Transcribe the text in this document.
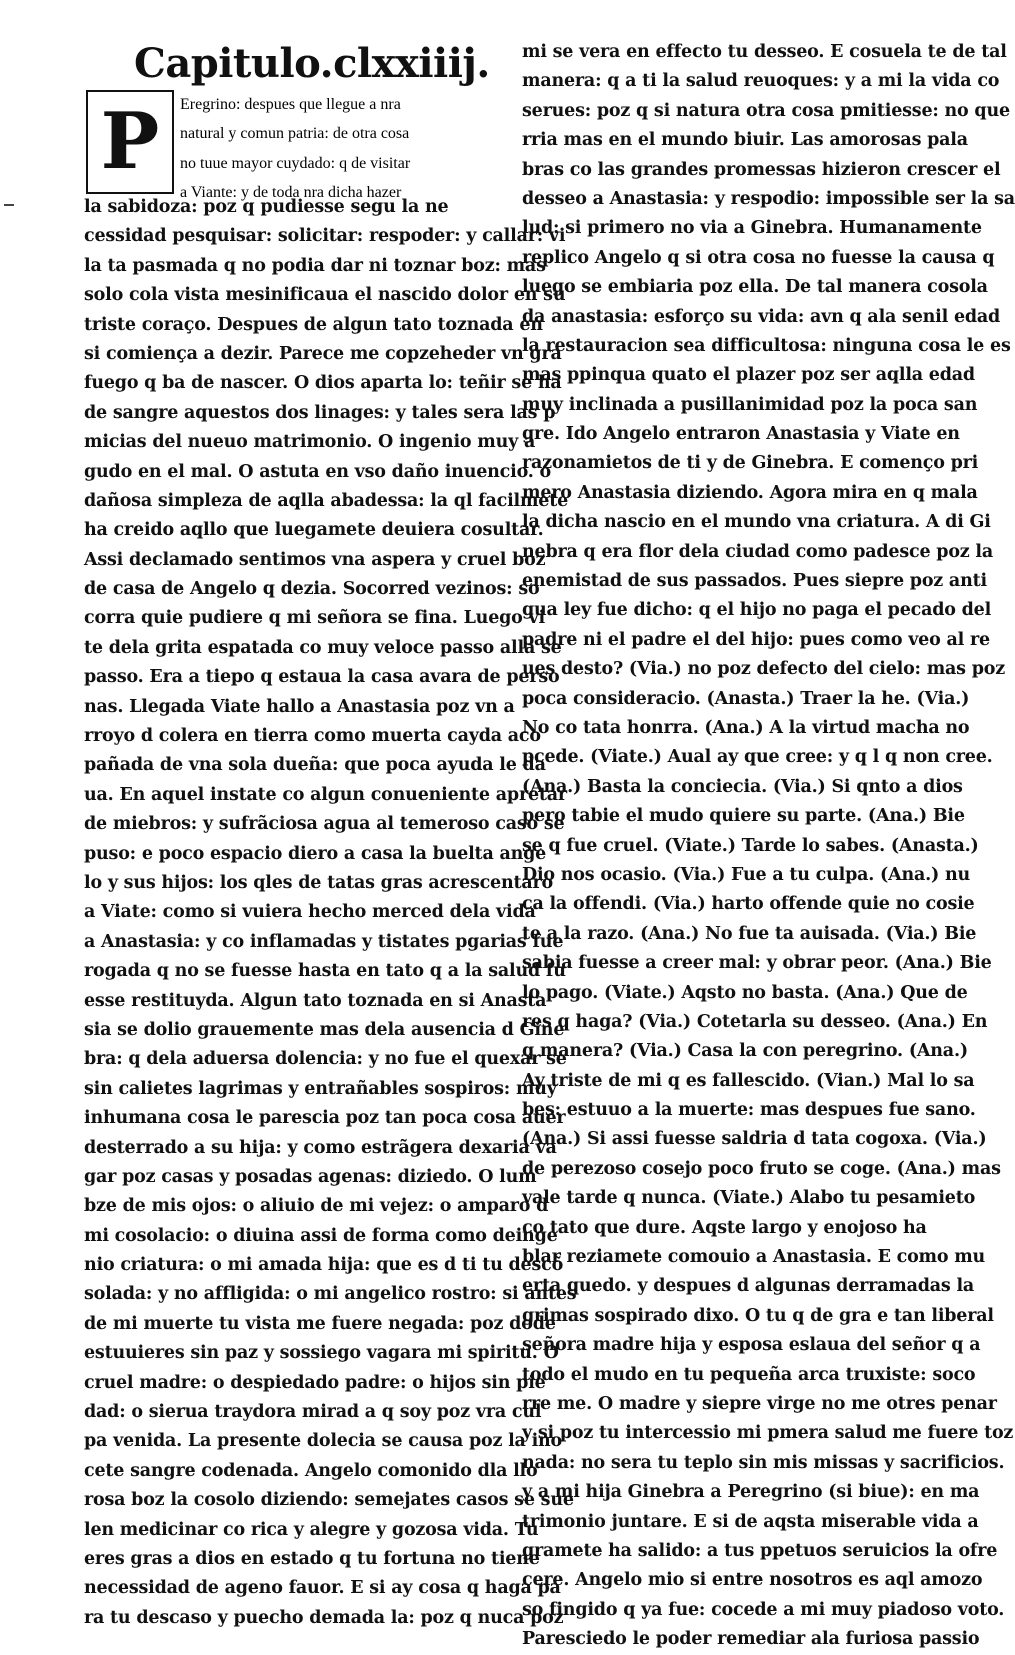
Capitulo.clxxiiij.
P	Eregrino: despues que llegue a nra
natural y comun patria: de otra cosa
no tuue mayor cuydado: q de visitar
a Viante: y de toda nra dicha hazer
la sabidoza: poz q pudiesse segu la ne
cessidad pesquisar: solicitar: respoder: y callar: vi
la ta pasmada q no podia dar ni toznar boz: mas
solo cola vista mesinificaua el nascido dolor en su
triste coraço. Despues de algun tato toznada en
si comiença a dezir. Parece me copzeheder vn gra
fuego q ba de nascer. O dios aparta lo: teñir se ha
de sangre aquestos dos linages: y tales sera las p
micias del nueuo matrimonio. O ingenio muy a
gudo en el mal. O astuta en vso daño inuencio. o
dañosa simpleza de aqlla abadessa: la ql facilmete
ha creido aqllo que luegamete deuiera cosultar.
Assi declamado sentimos vna aspera y cruel boz
de casa de Angelo q dezia. Socorred vezinos: so
corra quie pudiere q mi señora se fina. Luego vi
te dela grita espatada co muy veloce passo alla se
passo. Era a tiepo q estaua la casa avara de perso
nas. Llegada Viate hallo a Anastasia poz vn a
rroyo d colera en tierra como muerta cayda aco
pañada de vna sola dueña: que poca ayuda le da
ua. En aquel instate co algun conueniente apretar
de miebros: y sufrãciosa agua al temeroso caso se
puso: e poco espacio diero a casa la buelta ange
lo y sus hijos: los qles de tatas gras acrescentaro
a Viate: como si vuiera hecho merced dela vida
a Anastasia: y co inflamadas y tistates pgarias fue
rogada q no se fuesse hasta en tato q a la salud fu
esse restituyda. Algun tato toznada en si Anasta
sia se dolio grauemente mas dela ausencia d Gine
bra: q dela aduersa dolencia: y no fue el quexar se
sin calietes lagrimas y entrañables sospiros: muy
inhumana cosa le parescia poz tan poca cosa auer
desterrado a su hija: y como estrãgera dexaria va
gar poz casas y posadas agenas: diziedo. O lum
bze de mis ojos: o aliuio de mi vejez: o amparo d
mi cosolacio: o diuina assi de forma como deinge
nio criatura: o mi amada hija: que es d ti tu descõ
solada: y no affligida: o mi angelico rostro: si antes
de mi muerte tu vista me fuere negada: poz dode
estuuieres sin paz y sossiego vagara mi spiritu. O
cruel madre: o despiedado padre: o hijos sin pie
dad: o sierua traydora mirad a q soy poz vra cul
pa venida. La presente dolecia se causa poz la ino
cete sangre codenada. Angelo comonido dla llo
rosa boz la cosolo diziendo: semejates casos se sue
len medicinar co rica y alegre y gozosa vida. Tu
eres gras a dios en estado q tu fortuna no tiene
necessidad de ageno fauor. E si ay cosa q haga pa
ra tu descaso y puecho demada la: poz q nuca poz
mi se vera en effecto tu desseo. E cosuela te de tal
manera: q a ti la salud reuoques: y a mi la vida co
serues: poz q si natura otra cosa pmitiesse: no que
rria mas en el mundo biuir. Las amorosas pala
bras co las grandes promessas hizieron crescer el
desseo a Anastasia: y respodio: impossible ser la sa
lud: si primero no via a Ginebra. Humanamente
replico Angelo q si otra cosa no fuesse la causa q
luego se embiaria poz ella. De tal manera cosola
da anastasia: esforço su vida: avn q ala senil edad
la restauracion sea difficultosa: ninguna cosa le es
mas ppinqua quato el plazer poz ser aqlla edad
muy inclinada a pusillanimidad poz la poca san
gre. Ido Angelo entraron Anastasia y Viate en
razonamietos de ti y de Ginebra. E començo pri
mero Anastasia diziendo. Agora mira en q mala
la dicha nascio en el mundo vna criatura. A di Gi
nebra q era flor dela ciudad como padesce poz la
enemistad de sus passados. Pues siepre poz anti
gua ley fue dicho: q el hijo no paga el pecado del
padre ni el padre el del hijo: pues como veo al re
ues desto? (Via.) no poz defecto del cielo: mas poz
poca consideracio. (Anasta.) Traer la he. (Via.)
No co tata honrra. (Ana.) A la virtud macha no
pcede. (Viate.) Aual ay que cree: y q l q non cree.
(Ana.) Basta la conciecia. (Via.) Si qnto a dios
pero tabie el mudo quiere su parte. (Ana.) Bie
se q fue cruel. (Viate.) Tarde lo sabes. (Anasta.)
Dio nos ocasio. (Via.) Fue a tu culpa. (Ana.) nu
ca la offendi. (Via.) harto offende quie no cosie
te a la razo. (Ana.) No fue ta auisada. (Via.) Bie
sabia fuesse a creer mal: y obrar peor. (Ana.) Bie
lo pago. (Viate.) Aqsto no basta. (Ana.) Que de
res q haga? (Via.) Cotetarla su desseo. (Ana.) En
q manera? (Via.) Casa la con peregrino. (Ana.)
Ay triste de mi q es fallescido. (Vian.) Mal lo sa
bes: estuuo a la muerte: mas despues fue sano.
(Ana.) Si assi fuesse saldria d tata cogoxa. (Via.)
de perezoso cosejo poco fruto se coge. (Ana.) mas
vale tarde q nunca. (Viate.) Alabo tu pesamieto
co tato que dure. Aqste largo y enojoso ha
blar reziamete comouio a Anastasia. E como mu
erta quedo. y despues d algunas derramadas la
grimas sospirado dixo. O tu q de gra e tan liberal
señora madre hija y esposa eslaua del señor q a
todo el mudo en tu pequeña arca truxiste: soco
rre me. O madre y siepre virge no me otres penar
y si poz tu intercessio mi pmera salud me fuere toz
nada: no sera tu teplo sin mis missas y sacrificios.
y a mi hija Ginebra a Peregrino (si biue): en ma
trimonio juntare. E si de aqsta miserable vida a
gramete ha salido: a tus ppetuos seruicios la ofre
cere. Angelo mio si entre nosotros es aql amozo
so fingido q ya fue: cocede a mi muy piadoso voto.
Paresciedo le poder remediar ala furiosa passio
